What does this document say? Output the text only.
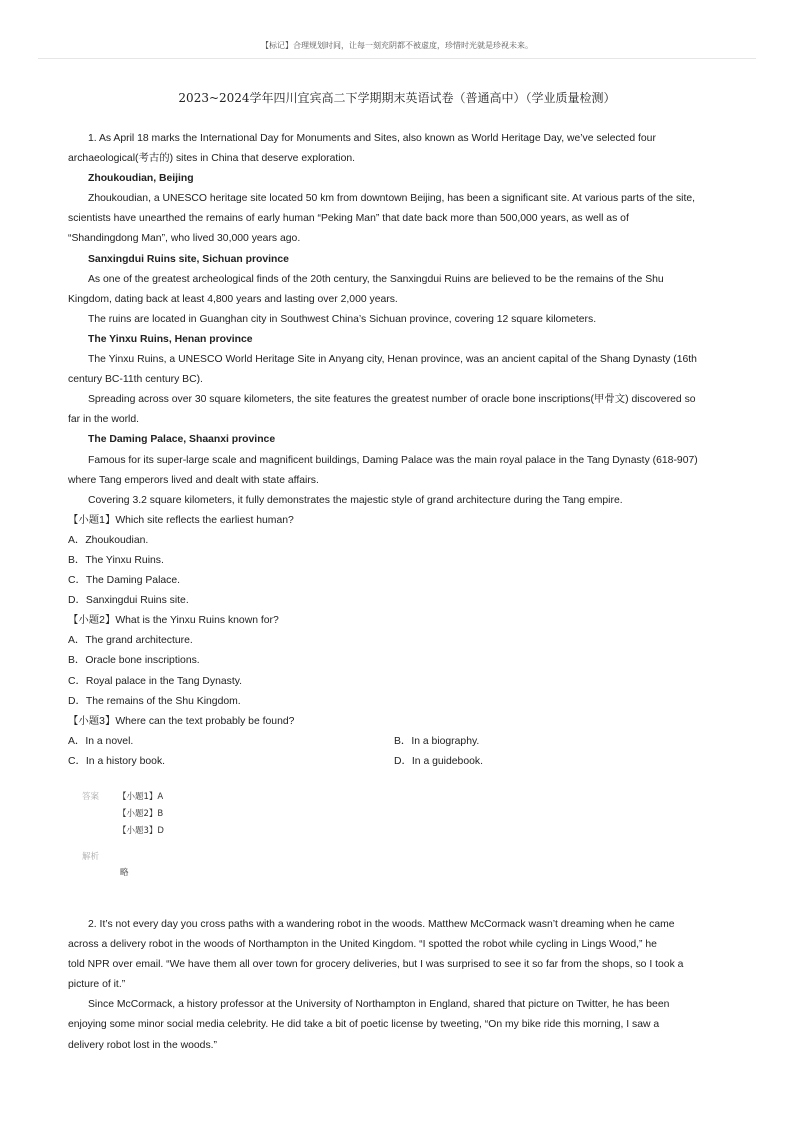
【标记】合理规划时间，让每一刻充阴都不被虚度，珍惜时光就是珍视未来。
2023~2024学年四川宜宾高二下学期期末英语试卷（普通高中）（学业质量检测）
1. As April 18 marks the International Day for Monuments and Sites, also known as World Heritage Day, we’ve selected four
archaeological(考古的) sites in China that deserve exploration.
Zhoukoudian, Beijing
Zhoukoudian, a UNESCO heritage site located 50 km from downtown Beijing, has been a significant site. At various parts of the site,
scientists have unearthed the remains of early human “Peking Man” that date back more than 500,000 years, as well as of
“Shandingdong Man”, who lived 30,000 years ago.
Sanxingdui Ruins site, Sichuan province
As one of the greatest archeological finds of the 20th century, the Sanxingdui Ruins are believed to be the remains of the Shu
Kingdom, dating back at least 4,800 years and lasting over 2,000 years.
The ruins are located in Guanghan city in Southwest China’s Sichuan province, covering 12 square kilometers.
The Yinxu Ruins, Henan province
The Yinxu Ruins, a UNESCO World Heritage Site in Anyang city, Henan province, was an ancient capital of the Shang Dynasty (16th
century BC-11th century BC).
Spreading across over 30 square kilometers, the site features the greatest number of oracle bone inscriptions(甲骨文) discovered so
far in the world.
The Daming Palace, Shaanxi province
Famous for its super-large scale and magnificent buildings, Daming Palace was the main royal palace in the Tang Dynasty (618-907)
where Tang emperors lived and dealt with state affairs.
Covering 3.2 square kilometers, it fully demonstrates the majestic style of grand architecture during the Tang empire.
【小题1】Which site reflects the earliest human?
A．Zhoukoudian.
B．The Yinxu Ruins.
C．The Daming Palace.
D．Sanxingdui Ruins site.
【小题2】What is the Yinxu Ruins known for?
A．The grand architecture.
B．Oracle bone inscriptions.
C．Royal palace in the Tang Dynasty.
D．The remains of the Shu Kingdom.
【小题3】Where can the text probably be found?
A．In a novel.	B．In a biography.
C．In a history book.	D．In a guidebook.
答案 【小题1】A
【小题2】B
【小题3】D
解析
略
2. It’s not every day you cross paths with a wandering robot in the woods. Matthew McCormack wasn’t dreaming when he came
across a delivery robot in the woods of Northampton in the United Kingdom. “I spotted the robot while cycling in Lings Wood,” he
told NPR over email. “We have them all over town for grocery deliveries, but I was surprised to see it so far from the shops, so I took a
picture of it.”
Since McCormack, a history professor at the University of Northampton in England, shared that picture on Twitter, he has been
enjoying some minor social media celebrity. He did take a bit of poetic license by tweeting, “On my bike ride this morning, I saw a
delivery robot lost in the woods.”
